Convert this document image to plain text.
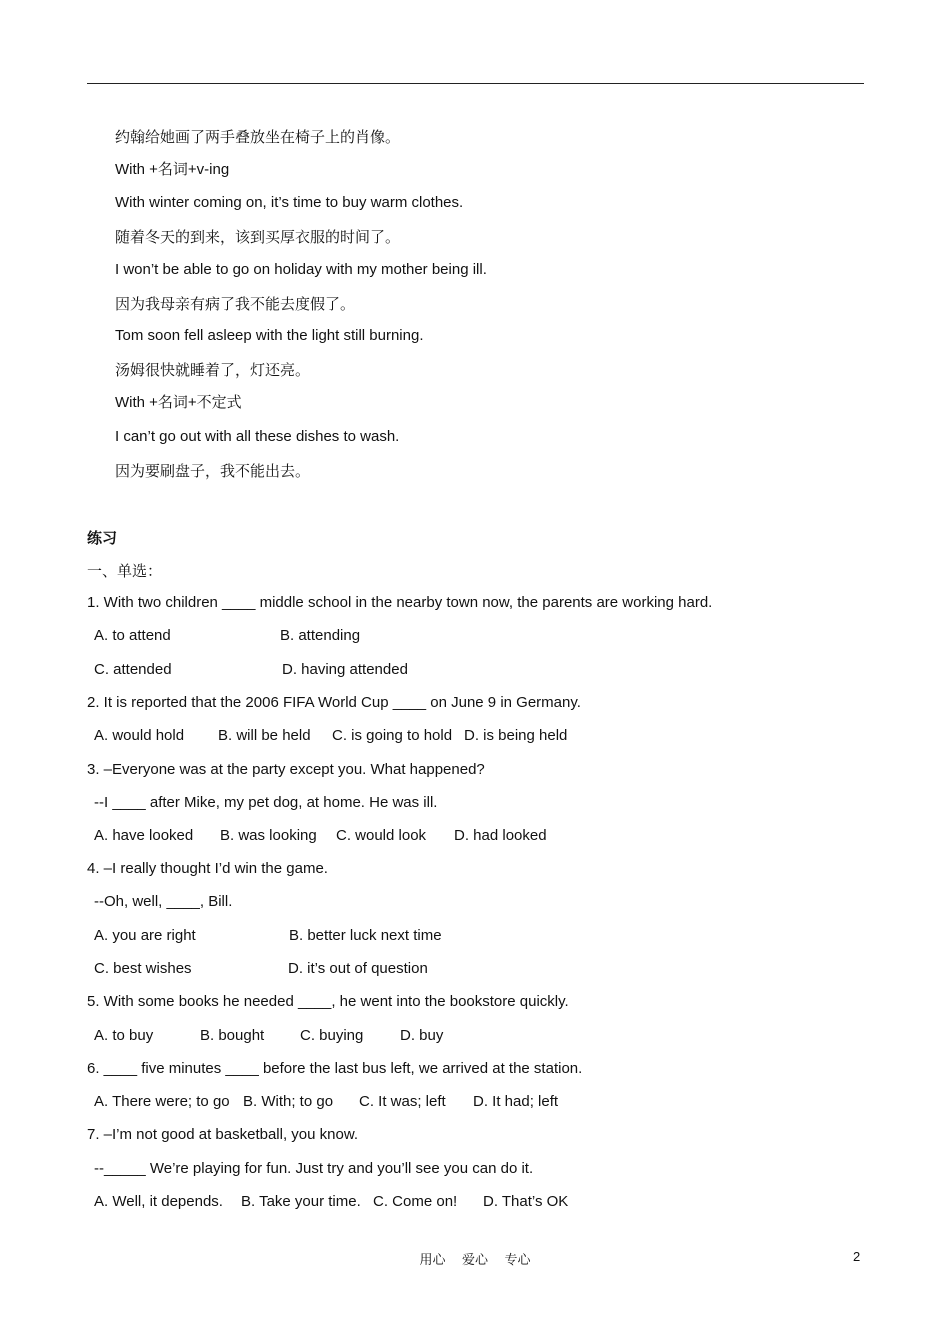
约翰给她画了两手叠放坐在椅子上的肖像。
With +名词+v-ing
With winter coming on, it’s time to buy warm clothes.
随着冬天的到来，该到买厚衣服的时间了。
I won’t be able to go on holiday with my mother being ill.
因为我母亲有病了我不能去度假了。
Tom soon fell asleep with the light still burning.
汤姆很快就睡着了，灯还亮。
With +名词+不定式
I can’t go out with all these dishes to wash.
因为要刷盘子，我不能出去。
练习
一、单选：
1. With two children ____ middle school in the nearby town now, the parents are working hard.
A. to attend	B. attending
C. attended	D. having attended
2. It is reported that the 2006 FIFA World Cup ____ on June 9 in Germany.
A. would hold B. will be held C. is going to hold D. is being held
3. –Everyone was at the party except you. What happened?
--I ____ after Mike, my pet dog, at home. He was ill.
A. have looked B. was looking C. would look D. had looked
4. –I really thought I’d win the game.
--Oh, well, ____, Bill.
A. you are right	B. better luck next time
C. best wishes	D. it’s out of question
5. With some books he needed ____, he went into the bookstore quickly.
A. to buy	B. bought C. buying D. buy
6. ____ five minutes ____ before the last bus left, we arrived at the station.
A. There were; to go B. With; to go C. It was; left D. It had; left
7. –I’m not good at basketball, you know.
--_____ We’re playing for fun. Just try and you’ll see you can do it.
A. Well, it depends. B. Take your time. C. Come on! D. That’s OK
用心    爱心    专心	2
